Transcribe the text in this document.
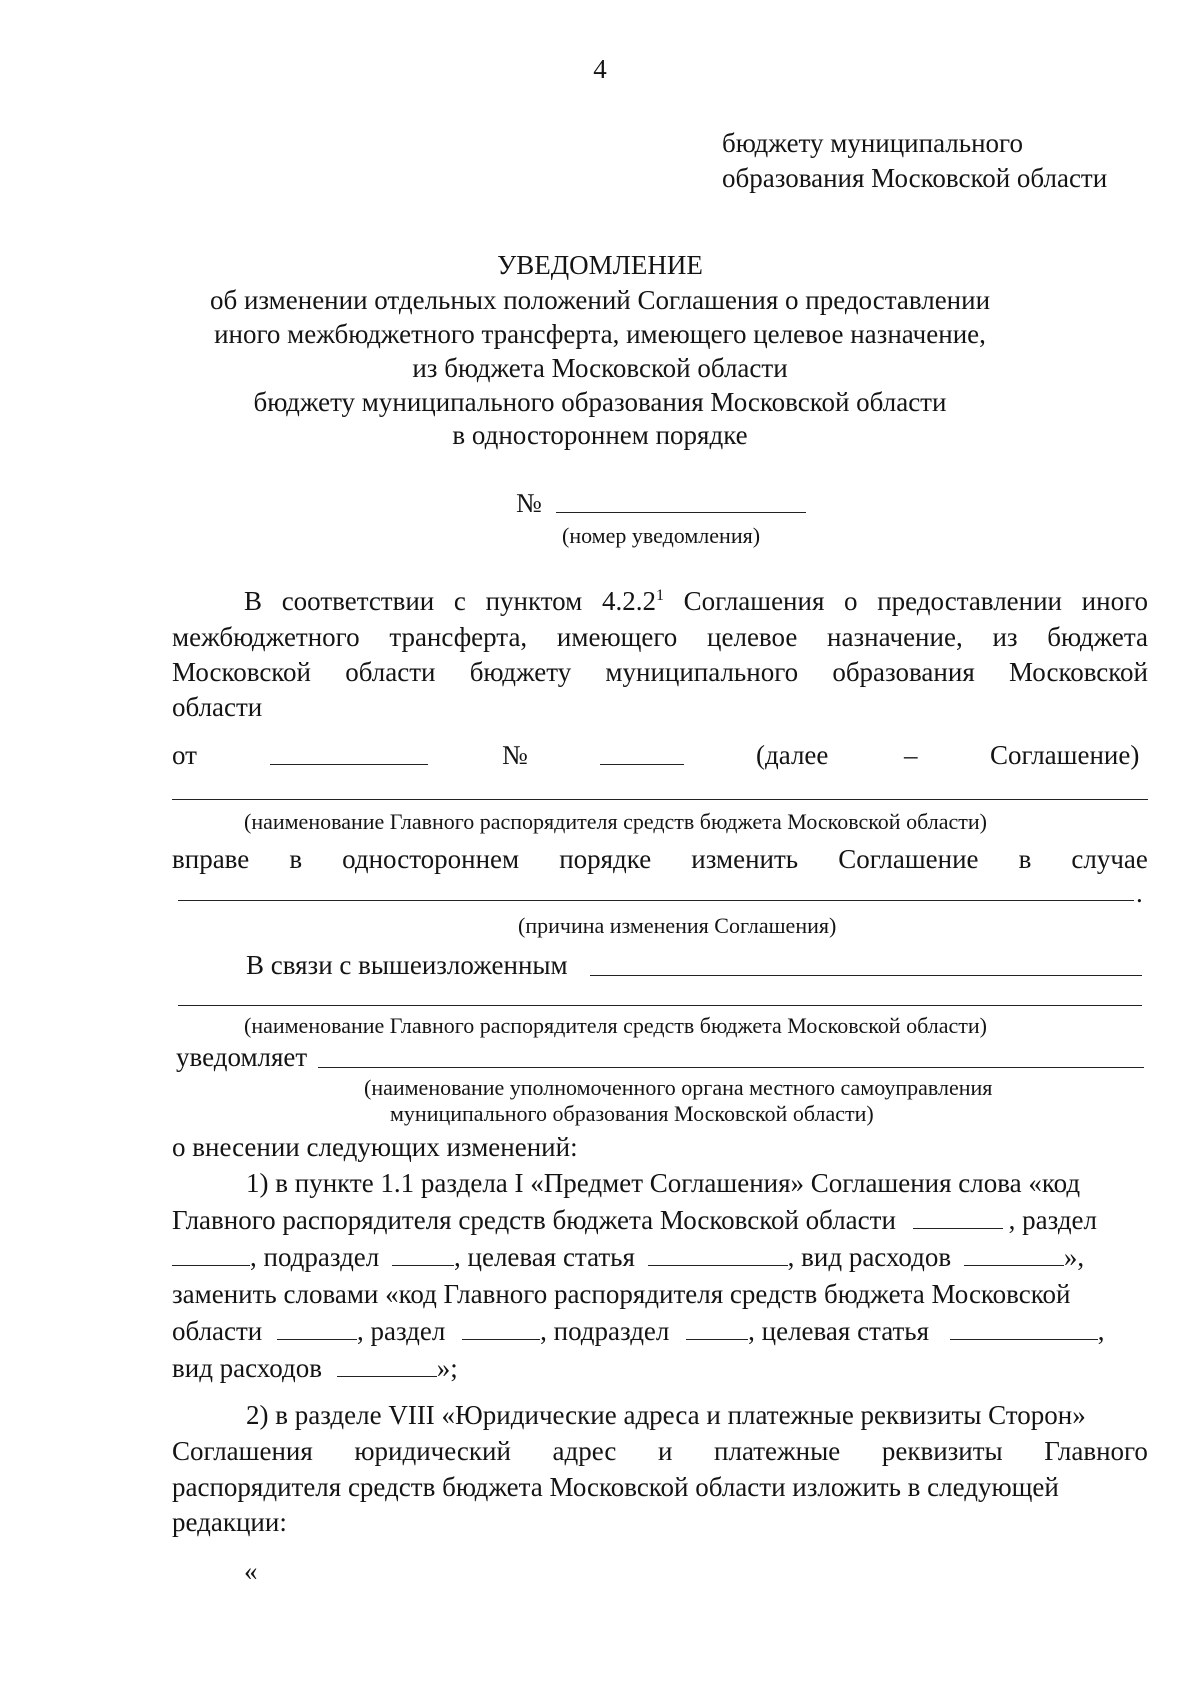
4
бюджету муниципального
образования Московской области
УВЕДОМЛЕНИЕ
об изменении отдельных положений Соглашения о предоставлении
иного межбюджетного трансферта, имеющего целевое назначение,
из бюджета Московской области
бюджету муниципального образования Московской области
в одностороннем порядке
№
(номер уведомления)
В соответствии с пунктом 4.2.2$^1$ Соглашения о предоставлении иного
межбюджетного трансферта, имеющего целевое назначение, из бюджета
Московской области бюджету муниципального образования Московской
области
от	№	(далее	–	Соглашение)
(наименование Главного распорядителя средств бюджета Московской области)
вправе в одностороннем порядке изменить Соглашение в случае
.
(причина изменения Соглашения)
В связи с вышеизложенным
(наименование Главного распорядителя средств бюджета Московской области)
уведомляет
(наименование уполномоченного органа местного самоуправления
муниципального образования Московской области)
о внесении следующих изменений:
1) в пункте 1.1 раздела I «Предмет Соглашения» Соглашения слова «код
Главного распорядителя средств бюджета Московской области	, раздел
, подраздел	, целевая статья	, вид расходов	»,
заменить словами «код Главного распорядителя средств бюджета Московской
области	, раздел	, подраздел	, целевая статья	,
вид расходов	»;
2) в разделе VIII «Юридические адреса и платежные реквизиты Сторон»
Соглашения юридический адрес и платежные реквизиты Главного
распорядителя средств бюджета Московской области изложить в следующей
редакции:
«
